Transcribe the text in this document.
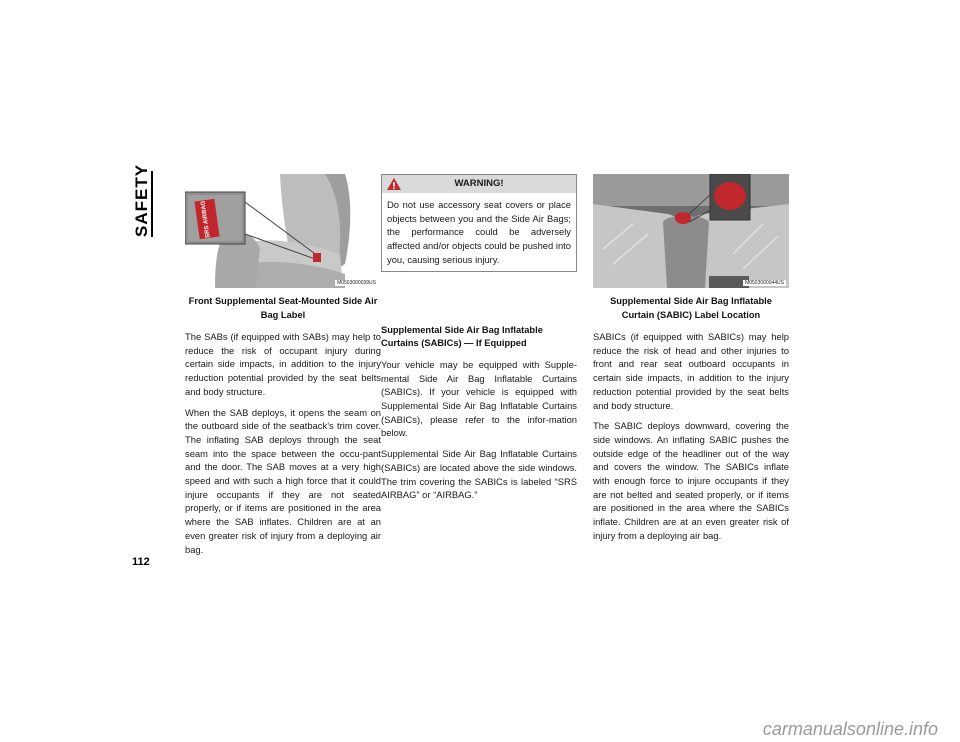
SAFETY	SRS AIRBAG
M0503000039US
Front Supplemental Seat-Mounted Side Air Bag Label

The SABs (if equipped with SABs) may help to reduce the risk of occupant injury during certain side impacts, in addition to the injury reduction potential provided by the seat belts and body structure.

When the SAB deploys, it opens the seam on the outboard side of the seatback’s trim cover. The inflating SAB deploys through the seat seam into the space between the occu-pant and the door. The SAB moves at a very high speed and with such a high force that it could injure occupants if they are not seated properly, or if items are positioned in the area where the SAB inflates. Children are at an even greater risk of injury from a deploying air bag.

WARNING!
Do not use accessory seat covers or place objects between you and the Side Air Bags; the performance could be adversely affected and/or objects could be pushed into you, causing serious injury.

Supplemental Side Air Bag Inflatable Curtains (SABICs) — If Equipped

Your vehicle may be equipped with Supple-mental Side Air Bag Inflatable Curtains (SABICs). If your vehicle is equipped with Supplemental Side Air Bag Inflatable Curtains (SABICs), please refer to the infor-mation below.

Supplemental Side Air Bag Inflatable Curtains (SABICs) are located above the side windows. The trim covering the SABICs is labeled “SRS AIRBAG” or “AIRBAG.”

M0503000044US
Supplemental Side Air Bag Inflatable Curtain (SABIC) Label Location

SABICs (if equipped with SABICs) may help reduce the risk of head and other injuries to front and rear seat outboard occupants in certain side impacts, in addition to the injury reduction potential provided by the seat belts and body structure.

The SABIC deploys downward, covering the side windows. An inflating SABIC pushes the outside edge of the headliner out of the way and covers the window. The SABICs inflate with enough force to injure occupants if they are not belted and seated properly, or if items are positioned in the area where the SABICs inflate. Children are at an even greater risk of injury from a deploying air bag.

112
carmanualsonline.info
